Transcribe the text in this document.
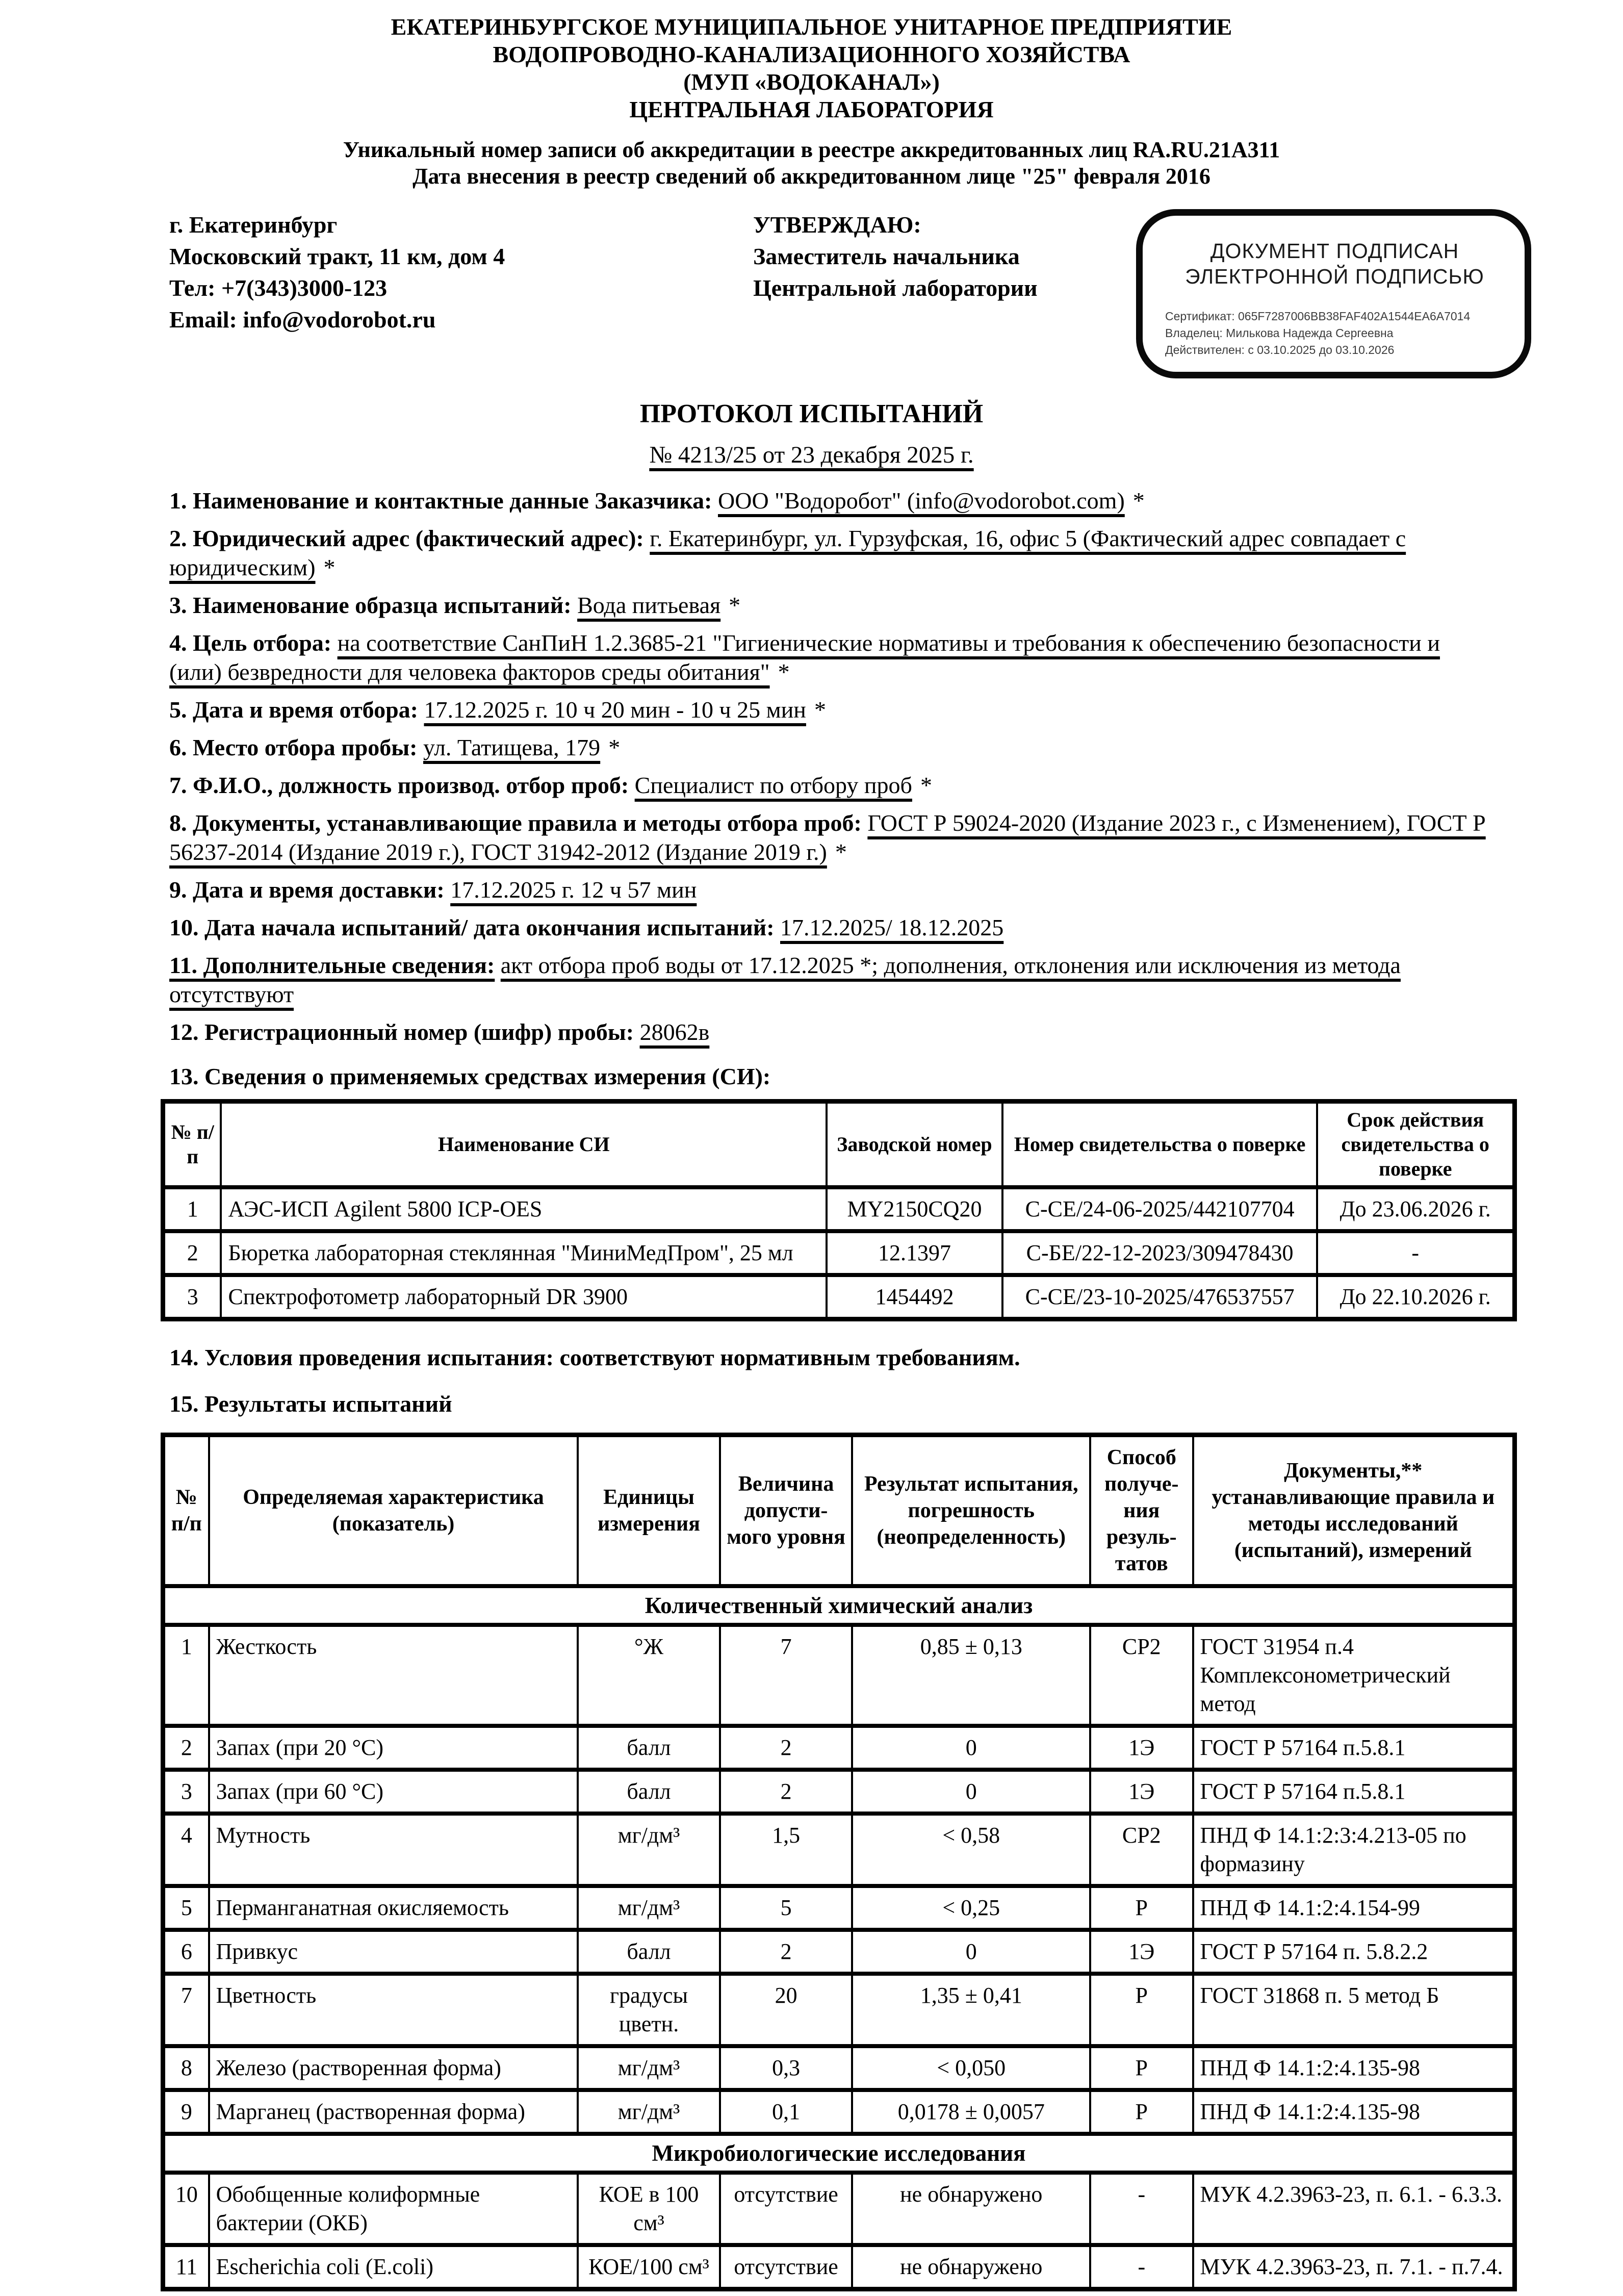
ЕКАТЕРИНБУРГСКОЕ МУНИЦИПАЛЬНОЕ УНИТАРНОЕ ПРЕДПРИЯТИЕ
ВОДОПРОВОДНО-КАНАЛИЗАЦИОННОГО ХОЗЯЙСТВА
(МУП «ВОДОКАНАЛ»)
ЦЕНТРАЛЬНАЯ ЛАБОРАТОРИЯ
Уникальный номер записи об аккредитации в реестре аккредитованных лиц RA.RU.21А311
Дата внесения в реестр сведений об аккредитованном лице "25" февраля 2016
г. Екатеринбург
Московский тракт, 11 км, дом 4
Тел: +7(343)3000-123
Email: info@vodorobot.ru
УТВЕРЖДАЮ:
Заместитель начальника
Центральной лаборатории
ДОКУМЕНТ ПОДПИСАН
ЭЛЕКТРОННОЙ ПОДПИСЬЮ
Сертификат: 065F7287006BB38FAF402A1544EA6A7014
Владелец: Милькова Надежда Сергеевна
Действителен: с 03.10.2025 до 03.10.2026
ПРОТОКОЛ ИСПЫТАНИЙ
№ 4213/25 от 23 декабря 2025 г.

1. Наименование и контактные данные Заказчика: ООО "Водоробот" (info@vodorobot.com) *

2. Юридический адрес (фактический адрес): г. Екатеринбург, ул. Гурзуфская, 16, офис 5 (Фактический адрес совпадает с юридическим) *

3. Наименование образца испытаний: Вода питьевая *

4. Цель отбора: на соответствие СанПиН 1.2.3685-21 "Гигиенические нормативы и требования к обеспечению безопасности и (или) безвредности для человека факторов среды обитания" *

5. Дата и время отбора: 17.12.2025 г. 10 ч 20 мин - 10 ч 25 мин *

6. Место отбора пробы: ул. Татищева, 179 *

7. Ф.И.О., должность производ. отбор проб: Специалист по отбору проб *

8. Документы, устанавливающие правила и методы отбора проб: ГОСТ Р 59024-2020 (Издание 2023 г., с Изменением), ГОСТ Р 56237-2014 (Издание 2019 г.), ГОСТ 31942-2012 (Издание 2019 г.) *

9. Дата и время доставки: 17.12.2025 г. 12 ч 57 мин

10. Дата начала испытаний/ дата окончания испытаний: 17.12.2025/ 18.12.2025

11. Дополнительные сведения: акт отбора проб воды от 17.12.2025 *; дополнения, отклонения или исключения из метода отсутствуют

12. Регистрационный номер (шифр) пробы: 28062в

13. Сведения о применяемых средствах измерения (СИ):

№ п/п	Наименование СИ	Заводской номер	Номер свидетельства о поверке	Срок действия свидетельства о поверке
1	АЭС-ИСП Agilent 5800 ICP-OES	MY2150CQ20	С-СЕ/24-06-2025/442107704	До 23.06.2026 г.
2	Бюретка лабораторная стеклянная "МиниМедПром", 25 мл	12.1397	С-БЕ/22-12-2023/309478430	-
3	Спектрофотометр лабораторный DR 3900	1454492	С-СЕ/23-10-2025/476537557	До 22.10.2026 г.

14. Условия проведения испытания: соответствуют нормативным требованиям.

15. Результаты испытаний

№ п/п	Определяемая характеристика (показатель)	Единицы измерения	Величина допусти-мого уровня	Результат испытания, погрешность (неопределенность)	Способ получе-ния резуль-татов	Документы,** устанавливающие правила и методы исследований (испытаний), измерений
Количественный химический анализ						
1	Жесткость	°Ж	7	0,85 ± 0,13	СР2	ГОСТ 31954 п.4 Комплексонометрический метод
2	Запах (при 20 °С)	балл	2	0	1Э	ГОСТ Р 57164 п.5.8.1
3	Запах (при 60 °С)	балл	2	0	1Э	ГОСТ Р 57164 п.5.8.1
4	Мутность	мг/дм³	1,5	< 0,58	СР2	ПНД Ф 14.1:2:3:4.213-05 по формазину
5	Перманганатная окисляемость	мг/дм³	5	< 0,25	Р	ПНД Ф 14.1:2:4.154-99
6	Привкус	балл	2	0	1Э	ГОСТ Р 57164 п. 5.8.2.2
7	Цветность	градусы цветн.	20	1,35 ± 0,41	Р	ГОСТ 31868 п. 5 метод Б
8	Железо (растворенная форма)	мг/дм³	0,3	< 0,050	Р	ПНД Ф 14.1:2:4.135-98
9	Марганец (растворенная форма)	мг/дм³	0,1	0,0178 ± 0,0057	Р	ПНД Ф 14.1:2:4.135-98
Микробиологические исследования						
10	Обобщенные колиформные бактерии (ОКБ)	КОЕ в 100 см³	отсутствие	не обнаружено	-	МУК 4.2.3963-23, п. 6.1. - 6.3.3.
11	Escherichia coli (E.coli)	КОЕ/100 см³	отсутствие	не обнаружено	-	МУК 4.2.3963-23, п. 7.1. - п.7.4.
